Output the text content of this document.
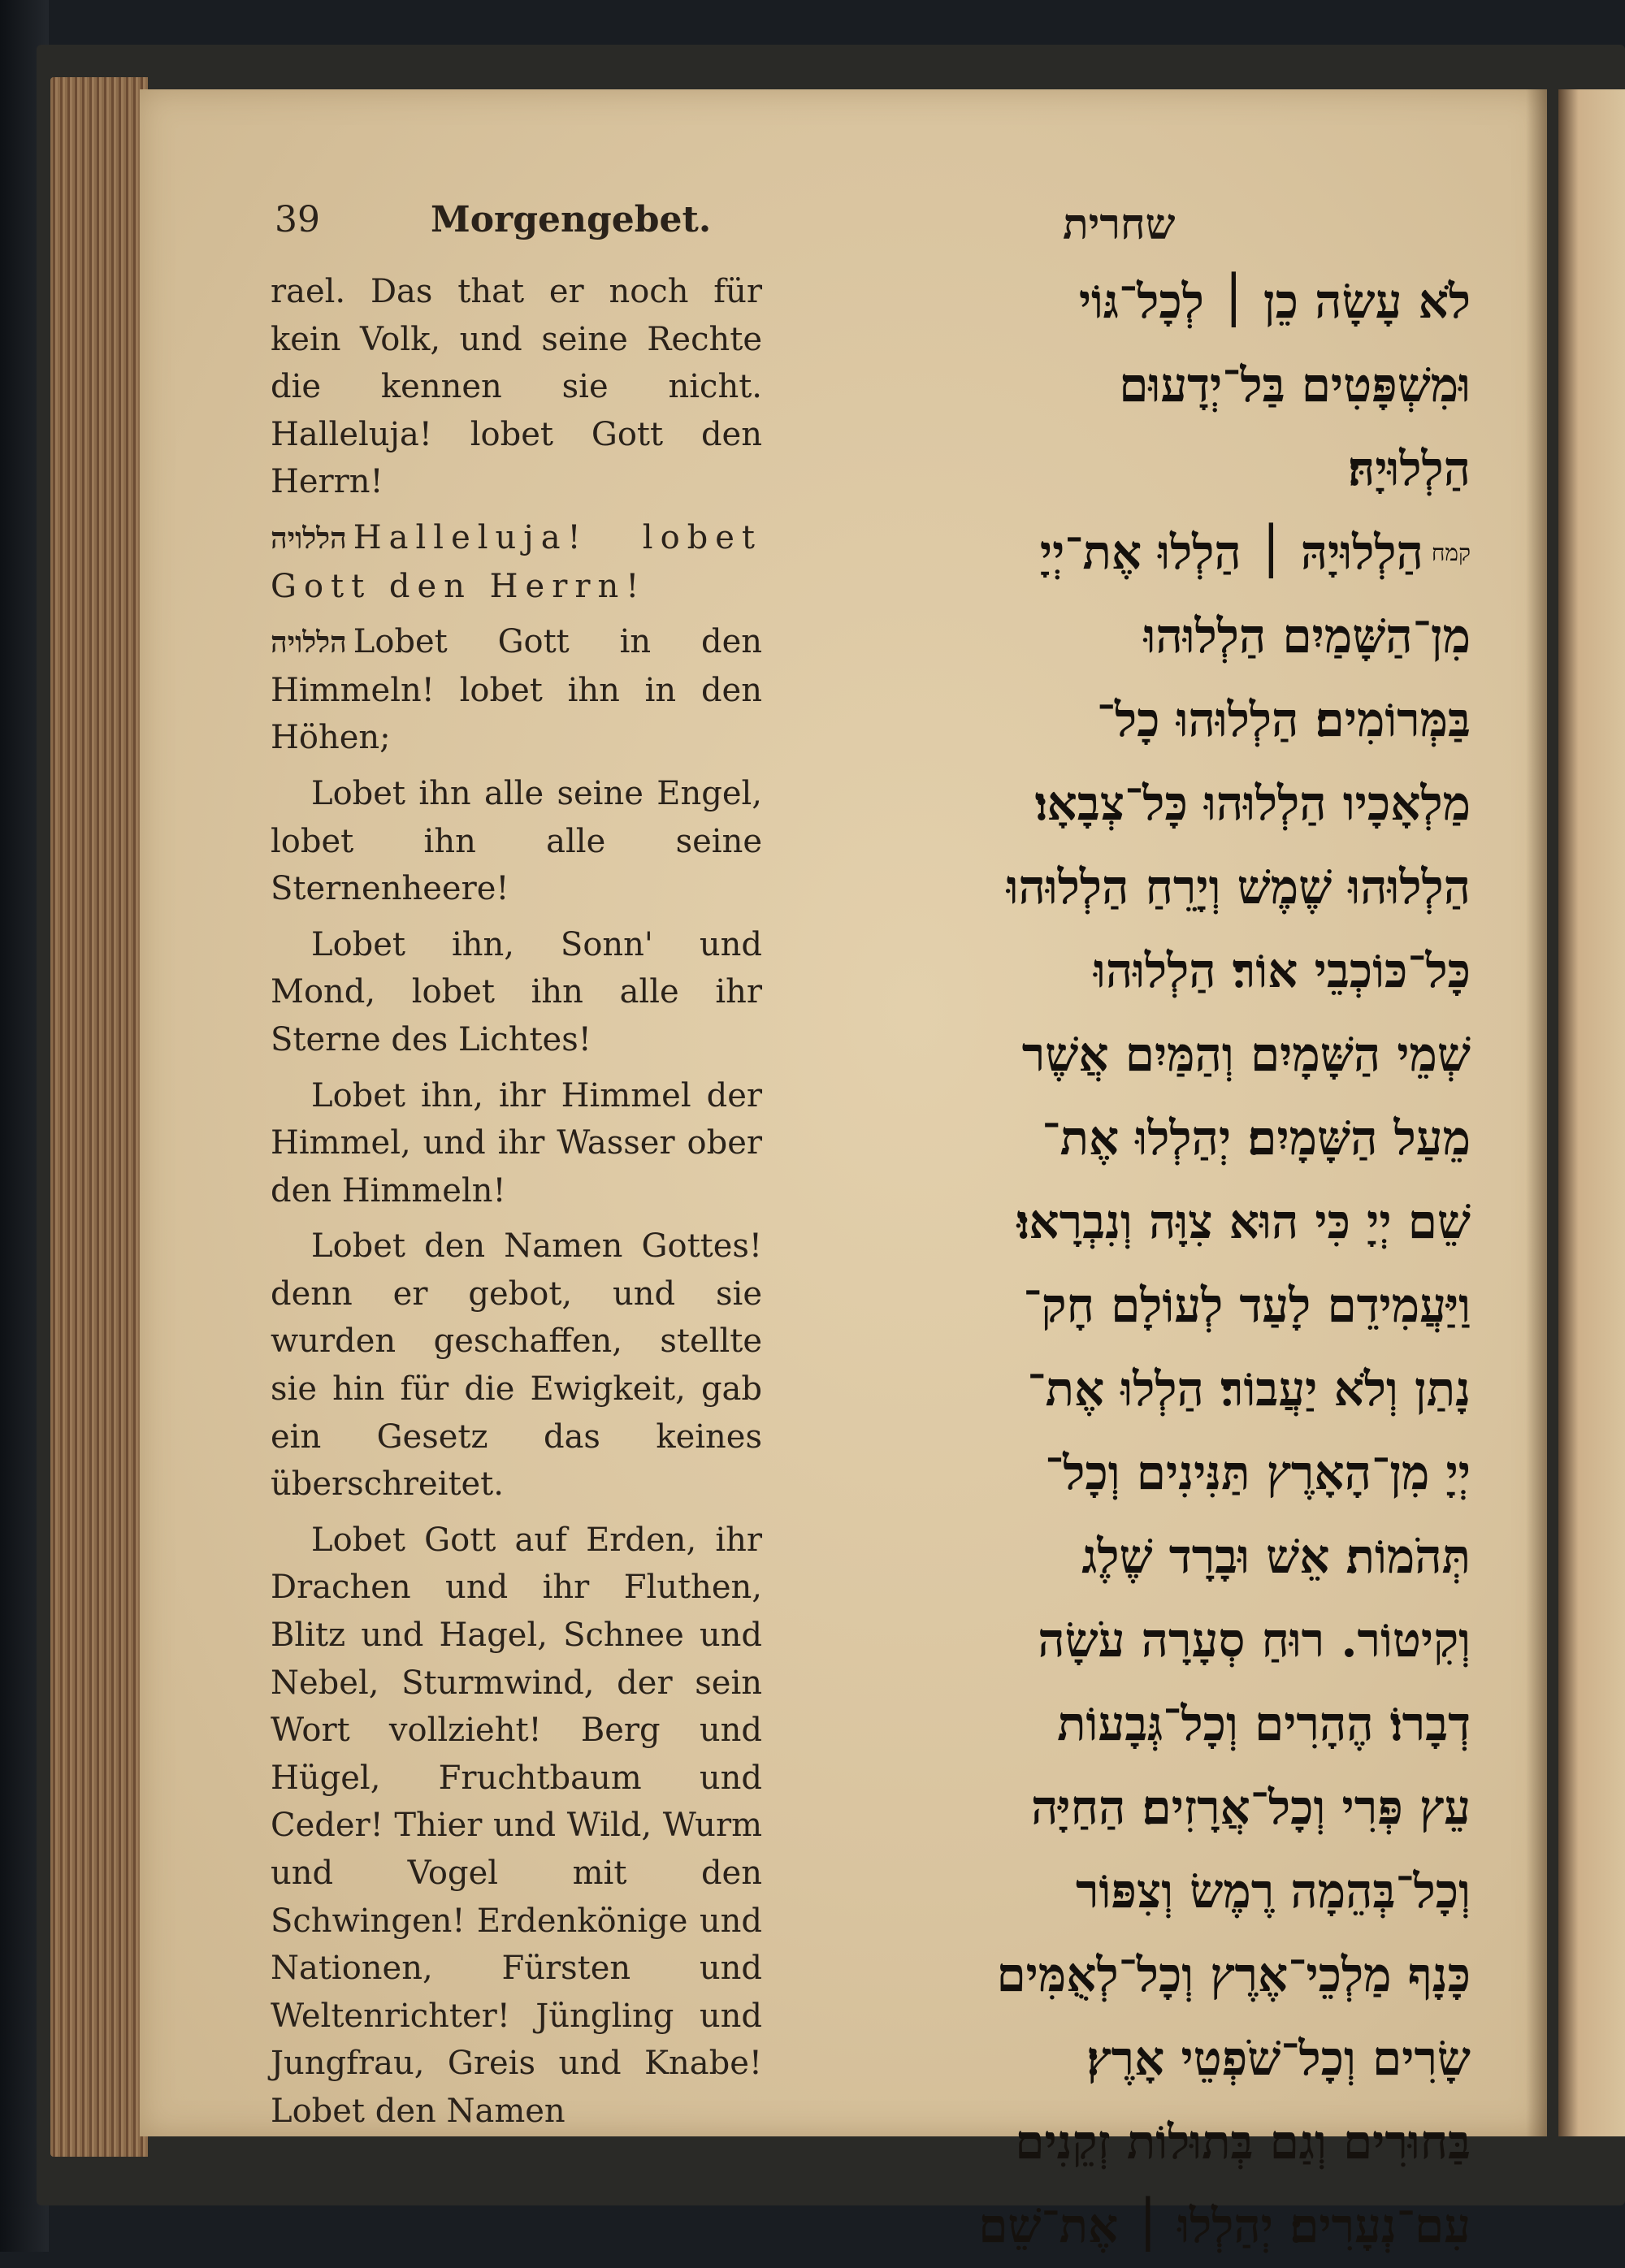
39	Morgengebet.	שחרית

rael. Das that er noch für kein Volk, und seine Rechte die kennen sie nicht. Halleluja! lobet Gott den Herrn!

הללויה Halleluja! lobet Gott den Herrn!

הללויה Lobet Gott in den Himmeln! lobet ihn in den Höhen;

Lobet ihn alle seine Engel, lobet ihn alle seine Sternenheere!

Lobet ihn, Sonn' und Mond, lobet ihn alle ihr Sterne des Lichtes!

Lobet ihn, ihr Himmel der Himmel, und ihr Wasser ober den Himmeln!

Lobet den Namen Gottes! denn er gebot, und sie wurden geschaffen, stellte sie hin für die Ewigkeit, gab ein Gesetz das keines überschreitet.

Lobet Gott auf Erden, ihr Drachen und ihr Fluthen, Blitz und Hagel, Schnee und Nebel, Sturmwind, der sein Wort vollzieht! Berg und Hügel, Fruchtbaum und Ceder! Thier und Wild, Wurm und Vogel mit den Schwingen! Erdenkönige und Nationen, Fürsten und Weltenrichter! Jüngling und Jungfrau, Greis und Knabe! Lobet den Namen

לֹא עָשָׂה כֵן ׀ לְכָל־גּוֹי
וּמִשְׁפָּטִים בַּל־יְדָעוּם
הַלְלוּיָהּ׃
$^{קמח}$הַלְלוּיָהּ ׀ הַלְלוּ אֶת־יְיָ
מִן־הַשָּׁמַיִם הַלְלוּהוּ
בַּמְּרוֹמִים׃ הַלְלוּהוּ כָל־
מַלְאָכָיו הַלְלוּהוּ כָּל־צְבָאָו׃
הַלְלוּהוּ שֶׁמֶשׁ וְיָרֵחַ הַלְלוּהוּ
כָּל־כּוֹכְבֵי אוֹר׃ הַלְלוּהוּ
שְׁמֵי הַשָּׁמָיִם וְהַמַּיִם אֲשֶׁר
מֵעַל הַשָּׁמָיִם׃ יְהַלְלוּ אֶת־
שֵׁם יְיָ כִּי הוּא צִוָּה וְנִבְרָאוּ׃
וַיַּעֲמִידֵם לָעַד לְעוֹלָם חָק־
נָתַן וְלֹא יַעֲבוֹר׃ הַלְלוּ אֶת־
יְיָ מִן־הָאָרֶץ תַּנִּינִים וְכָל־
תְּהֹמוֹת׃ אֵשׁ וּבָרָד שֶׁלֶג
וְקִיטוֹר. רוּחַ סְעָרָה עֹשָׂה
דְבָרוֹ׃ הֶהָרִים וְכָל־גְּבָעוֹת
עֵץ פְּרִי וְכָל־אֲרָזִים׃ הַחַיָּה
וְכָל־בְּהֵמָה רֶמֶשׂ וְצִפּוֹר
כָּנָף מַלְכֵי־אֶרֶץ וְכָל־לְאֻמִּים
שָׂרִים וְכָל־שֹׁפְטֵי אָרֶץ׃
בַּחוּרִים וְגַם בְּתוּלוֹת זְקֵנִים
עִם־נְעָרִים׃ יְהַלְלוּ ׀ אֶת־שֵׁם
